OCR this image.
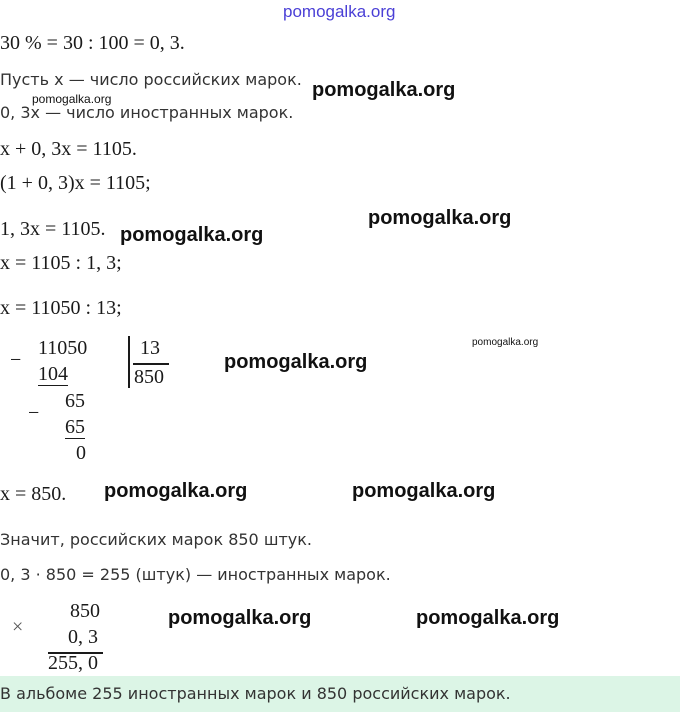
pomogalka.org
30 % = 30 : 100 = 0, 3.
Пусть x — число российских марок.
0, 3x — число иностранных марок.
x + 0, 3x = 1105.
(1 + 0, 3)x = 1105;
1, 3x = 1105.
x = 1105 : 1, 3;
x = 11050 : 13;
−
11050
104
13
850
−
65
65
0
x = 850.
Значит, российских марок 850 штук.
0, 3 · 850 = 255 (штук) — иностранных марок.
×
850
0, 3
255, 0
В альбоме 255 иностранных марок и 850 российских марок.
pomogalka.org	pomogalka.org
pomogalka.org
pomogalka.org
pomogalka.org
pomogalka.org
pomogalka.org	pomogalka.org
pomogalka.org	pomogalka.org
